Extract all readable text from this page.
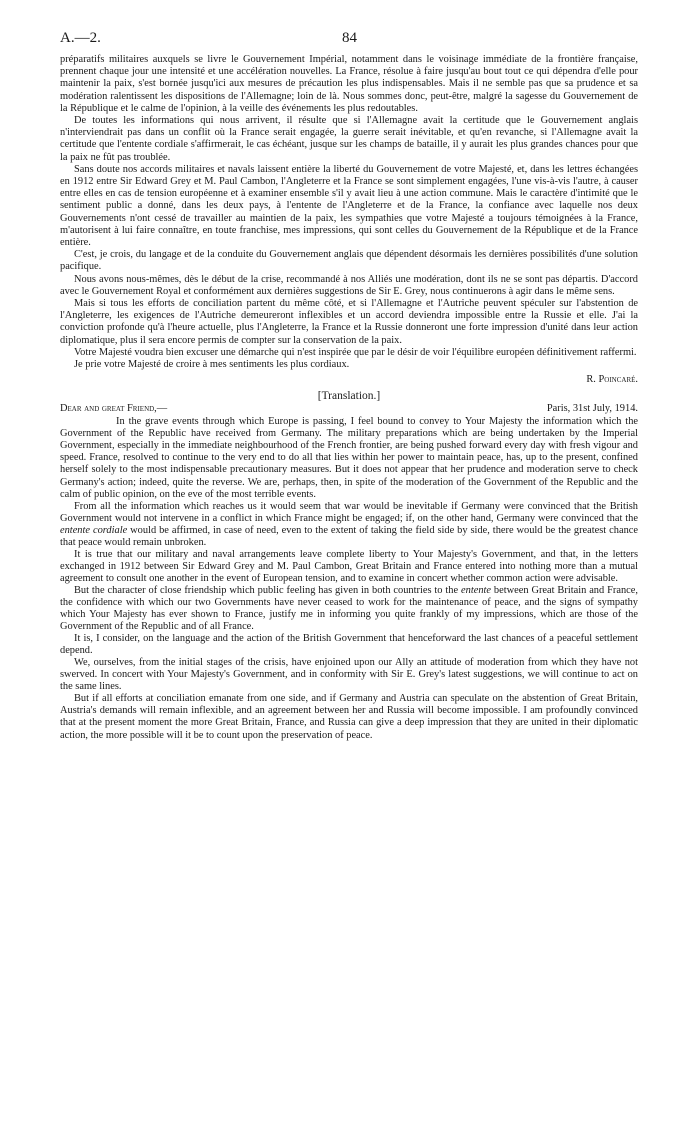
A.—2.	84

préparatifs militaires auxquels se livre le Gouvernement Impérial, notamment dans le voisinage immédiate de la frontière française, prennent chaque jour une intensité et une accélération nouvelles. La France, résolue à faire jusqu'au bout tout ce qui dépendra d'elle pour maintenir la paix, s'est bornée jusqu'ici aux mesures de précaution les plus indispensables. Mais il ne semble pas que sa prudence et sa modération ralentissent les dispositions de l'Allemagne; loin de là. Nous sommes donc, peut-être, malgré la sagesse du Gouvernement de la République et le calme de l'opinion, à la veille des événements les plus redoutables.

De toutes les informations qui nous arrivent, il résulte que si l'Allemagne avait la certitude que le Gouvernement anglais n'interviendrait pas dans un conflit où la France serait engagée, la guerre serait inévitable, et qu'en revanche, si l'Allemagne avait la certitude que l'entente cordiale s'affirmerait, le cas échéant, jusque sur les champs de bataille, il y aurait les plus grandes chances pour que la paix ne fût pas troublée.

Sans doute nos accords militaires et navals laissent entière la liberté du Gouvernement de votre Majesté, et, dans les lettres échangées en 1912 entre Sir Edward Grey et M. Paul Cambon, l'Angleterre et la France se sont simplement engagées, l'une vis-à-vis l'autre, à causer entre elles en cas de tension européenne et à examiner ensemble s'il y avait lieu à une action commune. Mais le caractère d'intimité que le sentiment public a donné, dans les deux pays, à l'entente de l'Angleterre et de la France, la confiance avec laquelle nos deux Gouvernements n'ont cessé de travailler au maintien de la paix, les sympathies que votre Majesté a toujours témoignées à la France, m'autorisent à lui faire connaître, en toute franchise, mes impressions, qui sont celles du Gouvernement de la République et de la France entière.

C'est, je crois, du langage et de la conduite du Gouvernement anglais que dépendent désormais les dernières possibilités d'une solution pacifique.

Nous avons nous-mêmes, dès le début de la crise, recommandé à nos Alliés une modération, dont ils ne se sont pas départis. D'accord avec le Gouvernement Royal et conformément aux dernières suggestions de Sir E. Grey, nous continuerons à agir dans le même sens.

Mais si tous les efforts de conciliation partent du même côté, et si l'Allemagne et l'Autriche peuvent spéculer sur l'abstention de l'Angleterre, les exigences de l'Autriche demeureront inflexibles et un accord deviendra impossible entre la Russie et elle. J'ai la conviction profonde qu'à l'heure actuelle, plus l'Angleterre, la France et la Russie donneront une forte impression d'unité dans leur action diplomatique, plus il sera encore permis de compter sur la conservation de la paix.

Votre Majesté voudra bien excuser une démarche qui n'est inspirée que par le désir de voir l'équilibre européen définitivement raffermi.

Je prie votre Majesté de croire à mes sentiments les plus cordiaux.

R. Poincaré.
[Translation.]
Dear and great Friend,—	Paris, 31st July, 1914.

In the grave events through which Europe is passing, I feel bound to convey to Your Majesty the information which the Government of the Republic have received from Germany. The military preparations which are being undertaken by the Imperial Government, especially in the immediate neighbourhood of the French frontier, are being pushed forward every day with fresh vigour and speed. France, resolved to continue to the very end to do all that lies within her power to maintain peace, has, up to the present, confined herself solely to the most indispensable precautionary measures. But it does not appear that her prudence and moderation serve to check Germany's action; indeed, quite the reverse. We are, perhaps, then, in spite of the moderation of the Government of the Republic and the calm of public opinion, on the eve of the most terrible events.

From all the information which reaches us it would seem that war would be inevitable if Germany were convinced that the British Government would not intervene in a conflict in which France might be engaged; if, on the other hand, Germany were convinced that the entente cordiale would be affirmed, in case of need, even to the extent of taking the field side by side, there would be the greatest chance that peace would remain unbroken.

It is true that our military and naval arrangements leave complete liberty to Your Majesty's Government, and that, in the letters exchanged in 1912 between Sir Edward Grey and M. Paul Cambon, Great Britain and France entered into nothing more than a mutual agreement to consult one another in the event of European tension, and to examine in concert whether common action were advisable.

But the character of close friendship which public feeling has given in both countries to the entente between Great Britain and France, the confidence with which our two Governments have never ceased to work for the maintenance of peace, and the signs of sympathy which Your Majesty has ever shown to France, justify me in informing you quite frankly of my impressions, which are those of the Government of the Republic and of all France.

It is, I consider, on the language and the action of the British Government that henceforward the last chances of a peaceful settlement depend.

We, ourselves, from the initial stages of the crisis, have enjoined upon our Ally an attitude of moderation from which they have not swerved. In concert with Your Majesty's Government, and in conformity with Sir E. Grey's latest suggestions, we will continue to act on the same lines.

But if all efforts at conciliation emanate from one side, and if Germany and Austria can speculate on the abstention of Great Britain, Austria's demands will remain inflexible, and an agreement between her and Russia will become impossible. I am profoundly convinced that at the present moment the more Great Britain, France, and Russia can give a deep impression that they are united in their diplomatic action, the more possible will it be to count upon the preservation of peace.
